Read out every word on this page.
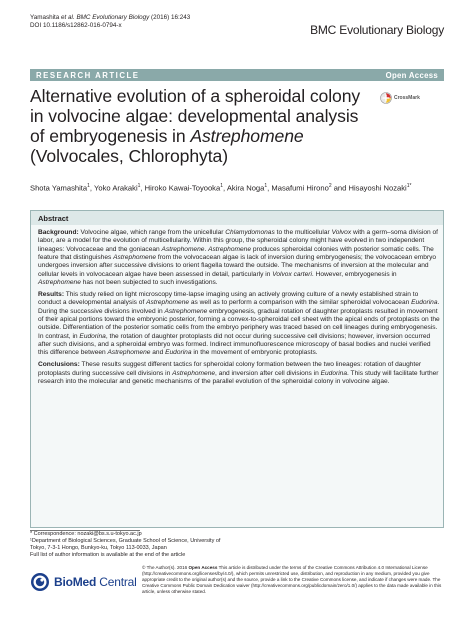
Yamashita et al. BMC Evolutionary Biology (2016) 16:243
DOI 10.1186/s12862-016-0794-x	BMC Evolutionary Biology
RESEARCH ARTICLE	Open Access
Alternative evolution of a spheroidal colony
in volvocine algae: developmental analysis
of embryogenesis in Astrephomene
(Volvocales, Chlorophyta)
CrossMark
Shota Yamashita$^1$, Yoko Arakaki$^1$, Hiroko Kawai-Toyooka$^1$, Akira Noga$^1$, Masafumi Hirono$^2$ and Hisayoshi Nozaki$^{1*}$
Abstract

Background: Volvocine algae, which range from the unicellular Chlamydomonas to the multicellular Volvox with a germ–soma division of labor, are a model for the evolution of multicellularity. Within this group, the spheroidal colony might have evolved in two independent lineages: Volvocaceae and the goniacean Astrephomene. Astrephomene produces spheroidal colonies with posterior somatic cells. The feature that distinguishes Astrephomene from the volvocacean algae is lack of inversion during embryogenesis; the volvocacean embryo undergoes inversion after successive divisions to orient flagella toward the outside. The mechanisms of inversion at the molecular and cellular levels in volvocacean algae have been assessed in detail, particularly in Volvox carteri. However, embryogenesis in Astrephomene has not been subjected to such investigations.

Results: This study relied on light microscopy time-lapse imaging using an actively growing culture of a newly established strain to conduct a developmental analysis of Astrephomene as well as to perform a comparison with the similar spheroidal volvocacean Eudorina. During the successive divisions involved in Astrephomene embryogenesis, gradual rotation of daughter protoplasts resulted in movement of their apical portions toward the embryonic posterior, forming a convex-to-spheroidal cell sheet with the apical ends of protoplasts on the outside. Differentiation of the posterior somatic cells from the embryo periphery was traced based on cell lineages during embryogenesis. In contrast, in Eudorina, the rotation of daughter protoplasts did not occur during successive cell divisions; however, inversion occurred after such divisions, and a spheroidal embryo was formed. Indirect immunofluorescence microscopy of basal bodies and nuclei verified this difference between Astrephomene and Eudorina in the movement of embryonic protoplasts.

Conclusions: These results suggest different tactics for spheroidal colony formation between the two lineages: rotation of daughter protoplasts during successive cell divisions in Astrephomene, and inversion after cell divisions in Eudorina. This study will facilitate further research into the molecular and genetic mechanisms of the parallel evolution of the spheroidal colony in volvocine algae.

* Correspondence: nozaki@bs.s.u-tokyo.ac.jp

¹Department of Biological Sciences, Graduate School of Science, University of

Tokyo, 7-3-1 Hongo, Bunkyo-ku, Tokyo 113-0033, Japan

Full list of author information is available at the end of the article

BioMed Central
© The Author(s). 2016 Open Access This article is distributed under the terms of the Creative Commons Attribution 4.0 International License (http://creativecommons.org/licenses/by/4.0/), which permits unrestricted use, distribution, and reproduction in any medium, provided you give appropriate credit to the original author(s) and the source, provide a link to the Creative Commons license, and indicate if changes were made. The Creative Commons Public Domain Dedication waiver (http://creativecommons.org/publicdomain/zero/1.0/) applies to the data made available in this article, unless otherwise stated.
